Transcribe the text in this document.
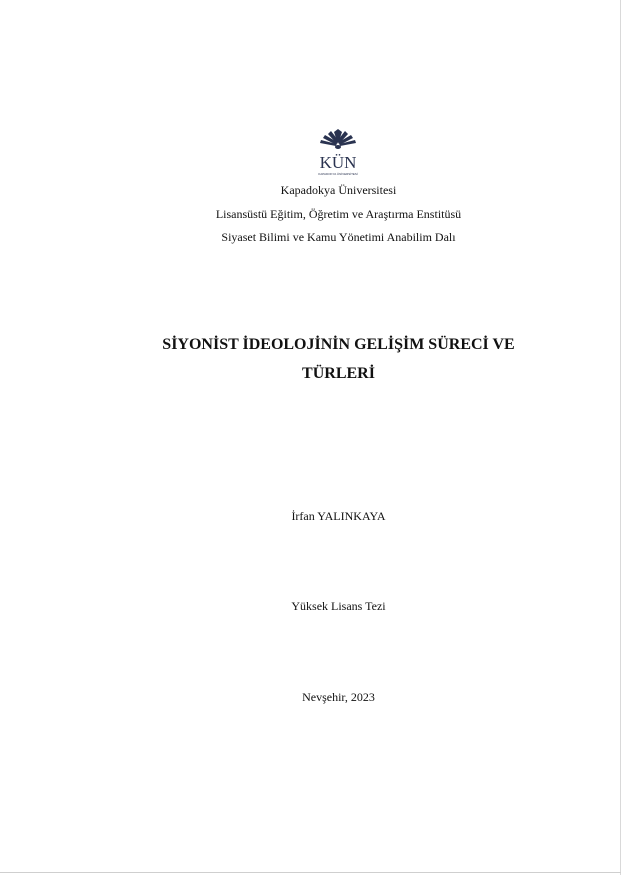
KÜN
KAPADOKYA ÜNİVERSİTESİ
Kapadokya Üniversitesi
Lisansüstü Eğitim, Öğretim ve Araştırma Enstitüsü
Siyaset Bilimi ve Kamu Yönetimi Anabilim Dalı
SİYONİST İDEOLOJİNİN GELİŞİM SÜRECİ VE
TÜRLERİ
İrfan YALINKAYA
Yüksek Lisans Tezi
Nevşehir, 2023
